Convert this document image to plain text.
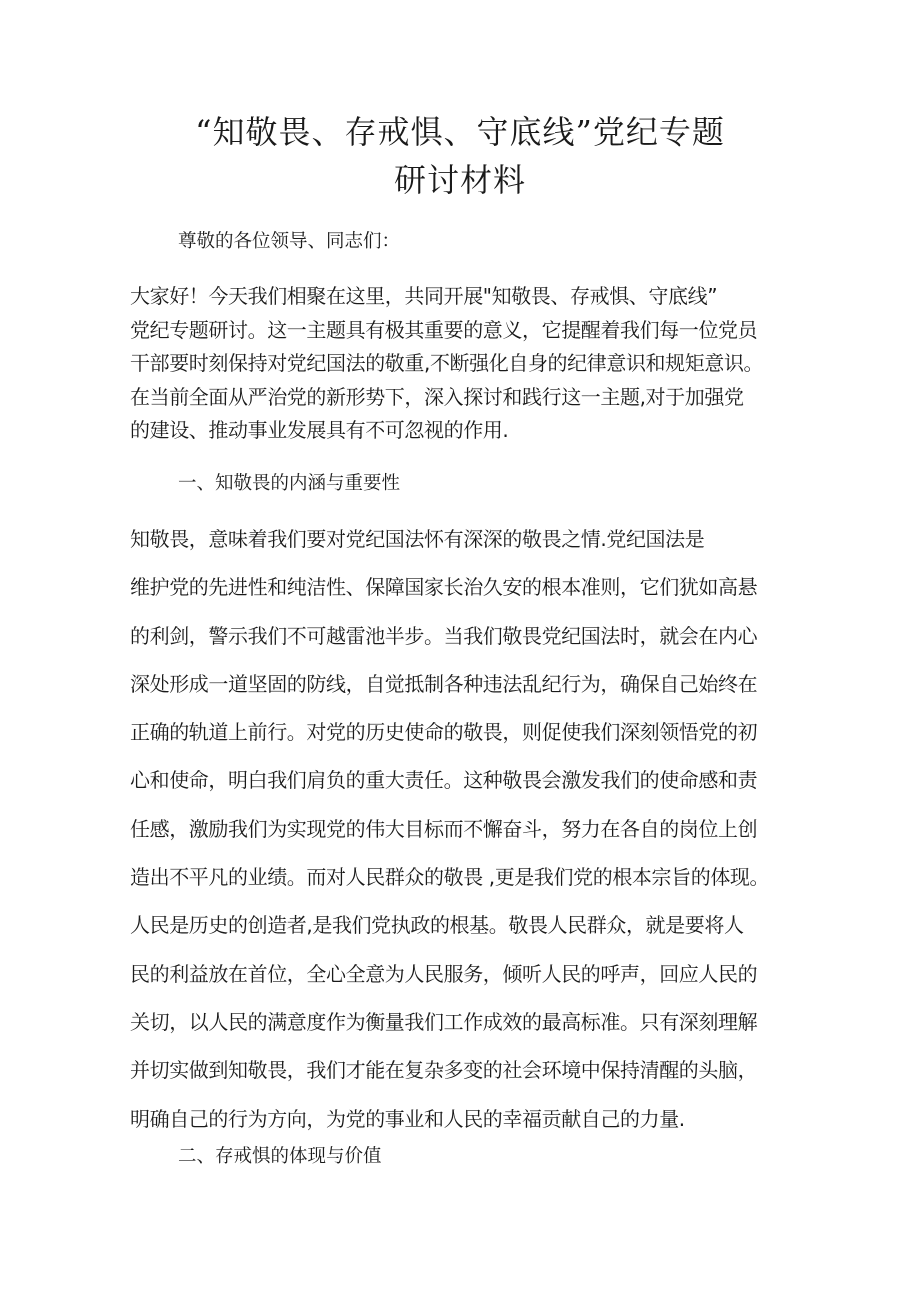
“知敬畏、存戒惧、守底线”党纪专题
研讨材料
尊敬的各位领导、同志们：
大家好！今天我们相聚在这里，共同开展"知敬畏、存戒惧、守底线”
党纪专题研讨。这一主题具有极其重要的意义，它提醒着我们每一位党员
干部要时刻保持对党纪国法的敬重,不断强化自身的纪律意识和规矩意识。
在当前全面从严治党的新形势下，深入探讨和践行这一主题,对于加强党
的建设、推动事业发展具有不可忽视的作用.
一、知敬畏的内涵与重要性
知敬畏，意味着我们要对党纪国法怀有深深的敬畏之情.党纪国法是
维护党的先进性和纯洁性、保障国家长治久安的根本准则，它们犹如高悬
的利剑，警示我们不可越雷池半步。当我们敬畏党纪国法时，就会在内心
深处形成一道坚固的防线，自觉抵制各种违法乱纪行为，确保自己始终在
正确的轨道上前行。对党的历史使命的敬畏，则促使我们深刻领悟党的初
心和使命，明白我们肩负的重大责任。这种敬畏会激发我们的使命感和责
任感，激励我们为实现党的伟大目标而不懈奋斗，努力在各自的岗位上创
造出不平凡的业绩。而对人民群众的敬畏 ,更是我们党的根本宗旨的体现。
人民是历史的创造者,是我们党执政的根基。敬畏人民群众，就是要将人
民的利益放在首位，全心全意为人民服务，倾听人民的呼声，回应人民的
关切，以人民的满意度作为衡量我们工作成效的最高标准。只有深刻理解
并切实做到知敬畏，我们才能在复杂多变的社会环境中保持清醒的头脑，
明确自己的行为方向，为党的事业和人民的幸福贡献自己的力量.
二、存戒惧的体现与价值
